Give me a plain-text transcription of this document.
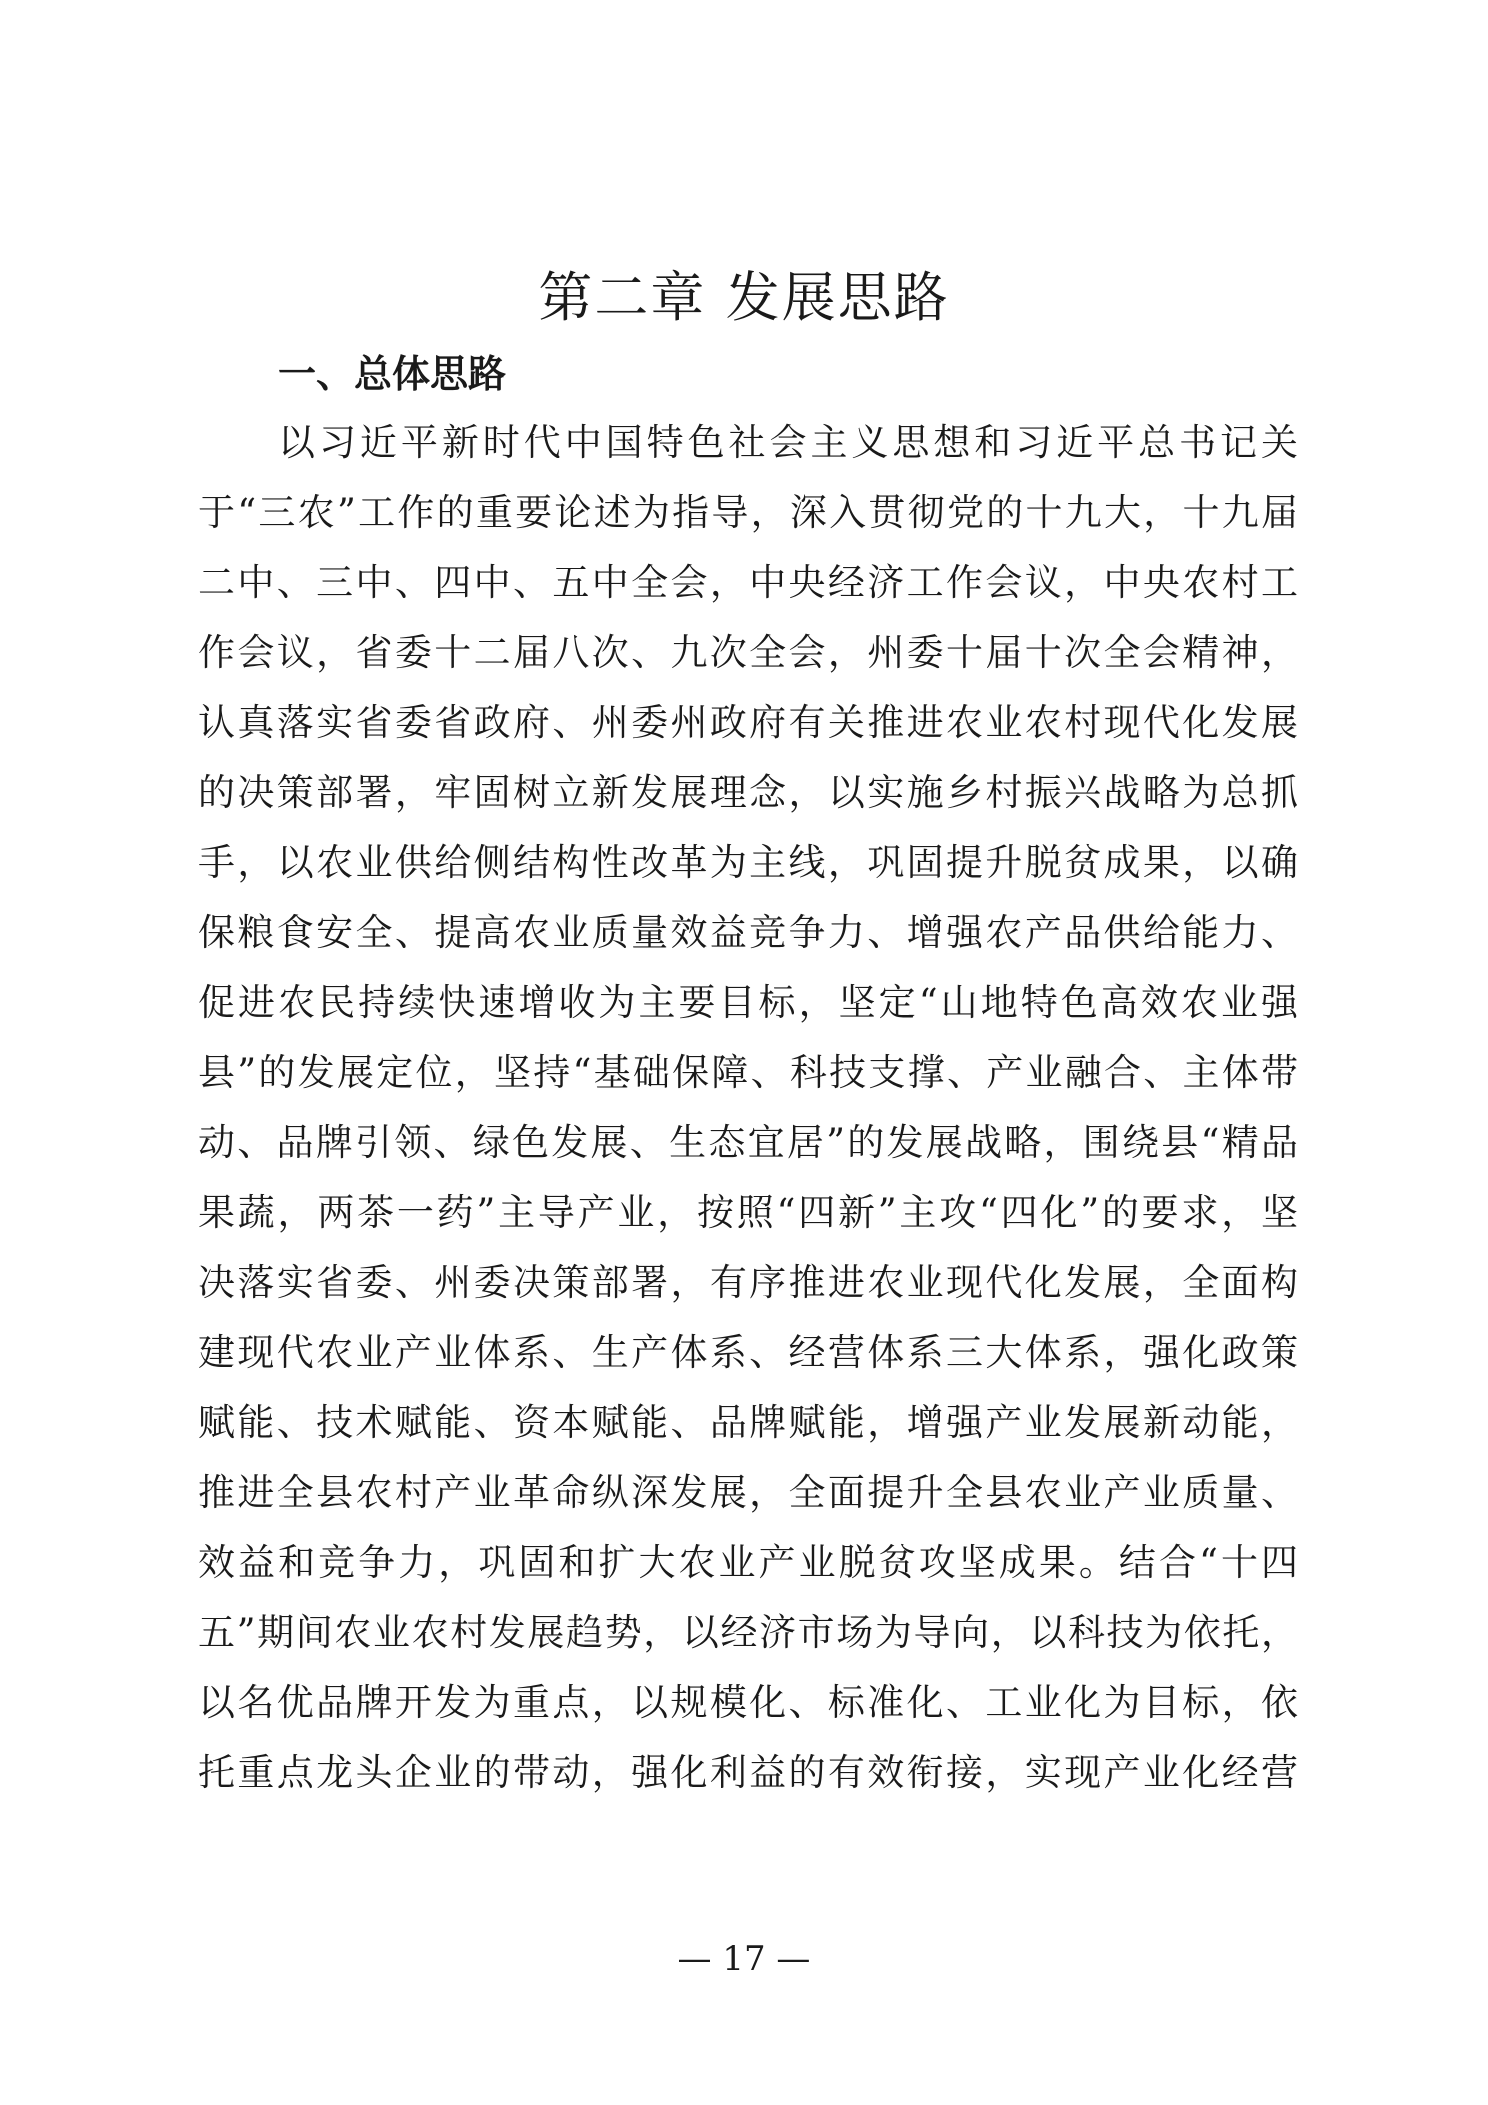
第二章 发展思路
一、总体思路
以习近平新时代中国特色社会主义思想和习近平总书记关
于“三农”工作的重要论述为指导，深入贯彻党的十九大，十九届
二中、三中、四中、五中全会，中央经济工作会议，中央农村工
作会议，省委十二届八次、九次全会，州委十届十次全会精神，
认真落实省委省政府、州委州政府有关推进农业农村现代化发展
的决策部署，牢固树立新发展理念，以实施乡村振兴战略为总抓
手，以农业供给侧结构性改革为主线，巩固提升脱贫成果，以确
保粮食安全、提高农业质量效益竞争力、增强农产品供给能力、
促进农民持续快速增收为主要目标，坚定“山地特色高效农业强
县”的发展定位，坚持“基础保障、科技支撑、产业融合、主体带
动、品牌引领、绿色发展、生态宜居”的发展战略，围绕县“精品
果蔬，两茶一药”主导产业，按照“四新”主攻“四化”的要求，坚
决落实省委、州委决策部署，有序推进农业现代化发展，全面构
建现代农业产业体系、生产体系、经营体系三大体系，强化政策
赋能、技术赋能、资本赋能、品牌赋能，增强产业发展新动能，
推进全县农村产业革命纵深发展，全面提升全县农业产业质量、
效益和竞争力，巩固和扩大农业产业脱贫攻坚成果。结合“十四
五”期间农业农村发展趋势，以经济市场为导向，以科技为依托，
以名优品牌开发为重点，以规模化、标准化、工业化为目标，依
托重点龙头企业的带动，强化利益的有效衔接，实现产业化经营
— 17 —
